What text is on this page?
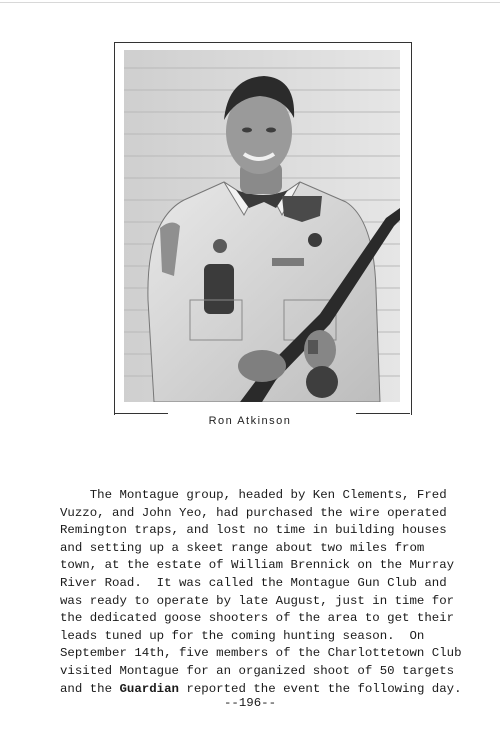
Ron Atkinson
The Montague group, headed by Ken Clements, Fred
Vuzzo, and John Yeo, had purchased the wire operated
Remington traps, and lost no time in building houses
and setting up a skeet range about two miles from
town, at the estate of William Brennick on the Murray
River Road.  It was called the Montague Gun Club and
was ready to operate by late August, just in time for
the dedicated goose shooters of the area to get their
leads tuned up for the coming hunting season.  On
September 14th, five members of the Charlottetown Club
visited Montague for an organized shoot of 50 targets
and the Guardian reported the event the following day.
--196--
